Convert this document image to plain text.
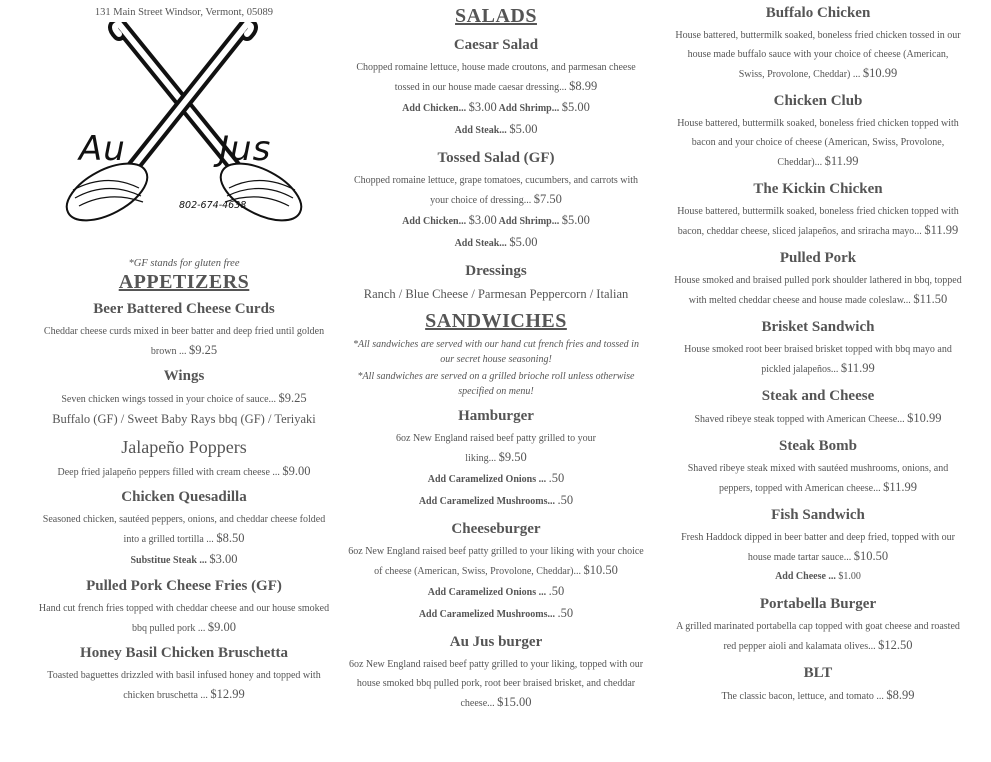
131 Main Street Windsor, Vermont, 05089
Au	Jus
802-674-4638
*GF stands for gluten free
APPETIZERS
Beer Battered Cheese Curds
Cheddar cheese curds mixed in beer batter and deep fried until golden brown ... $9.25
Wings
Seven chicken wings tossed in your choice of sauce... $9.25
Buffalo (GF) / Sweet Baby Rays bbq (GF) / Teriyaki
Jalapeño Poppers
Deep fried jalapeño peppers filled with cream cheese ... $9.00
Chicken Quesadilla
Seasoned chicken, sautéed peppers, onions, and cheddar cheese folded into a grilled tortilla ... $8.50
Substitue Steak ... $3.00
Pulled Pork Cheese Fries (GF)
Hand cut french fries topped with cheddar cheese and our house smoked bbq pulled pork ... $9.00
Honey Basil Chicken Bruschetta
Toasted baguettes drizzled with basil infused honey and topped with chicken bruschetta ... $12.99
SALADS
Caesar Salad
Chopped romaine lettuce, house made croutons, and parmesan cheese tossed in our house made caesar dressing... $8.99
Add Chicken... $3.00 Add Shrimp... $5.00
Add Steak... $5.00
Tossed Salad (GF)
Chopped romaine lettuce, grape tomatoes, cucumbers, and carrots with your choice of dressing... $7.50
Add Chicken... $3.00 Add Shrimp... $5.00
Add Steak... $5.00
Dressings
Ranch / Blue Cheese / Parmesan Peppercorn / Italian
SANDWICHES
*All sandwiches are served with our hand cut french fries and tossed in our secret house seasoning!
*All sandwiches are served on a grilled brioche roll unless otherwise specified on menu!
Hamburger
6oz New England raised beef patty grilled to your liking... $9.50
Add Caramelized Onions ... .50
Add Caramelized Mushrooms... .50
Cheeseburger
6oz New England raised beef patty grilled to your liking with your choice of cheese (American, Swiss, Provolone, Cheddar)... $10.50
Add Caramelized Onions ... .50
Add Caramelized Mushrooms... .50
Au Jus burger
6oz New England raised beef patty grilled to your liking, topped with our house smoked bbq pulled pork, root beer braised brisket, and cheddar cheese... $15.00
Buffalo Chicken
House battered, buttermilk soaked, boneless fried chicken tossed in our house made buffalo sauce with your choice of cheese (American, Swiss, Provolone, Cheddar) ... $10.99
Chicken Club
House battered, buttermilk soaked, boneless fried chicken topped with bacon and your choice of cheese (American, Swiss, Provolone, Cheddar)... $11.99
The Kickin Chicken
House battered, buttermilk soaked, boneless fried chicken topped with bacon, cheddar cheese, sliced jalapeños, and sriracha mayo... $11.99
Pulled Pork
House smoked and braised pulled pork shoulder lathered in bbq, topped with melted cheddar cheese and house made coleslaw... $11.50
Brisket Sandwich
House smoked root beer braised brisket topped with bbq mayo and pickled jalapeños... $11.99
Steak and Cheese
Shaved ribeye steak topped with American Cheese... $10.99
Steak Bomb
Shaved ribeye steak mixed with sautéed mushrooms, onions, and peppers, topped with American cheese... $11.99
Fish Sandwich
Fresh Haddock dipped in beer batter and deep fried, topped with our house made tartar sauce... $10.50
Add Cheese ... $1.00
Portabella Burger
A grilled marinated portabella cap topped with goat cheese and roasted red pepper aioli and kalamata olives... $12.50
BLT
The classic bacon, lettuce, and tomato ... $8.99
